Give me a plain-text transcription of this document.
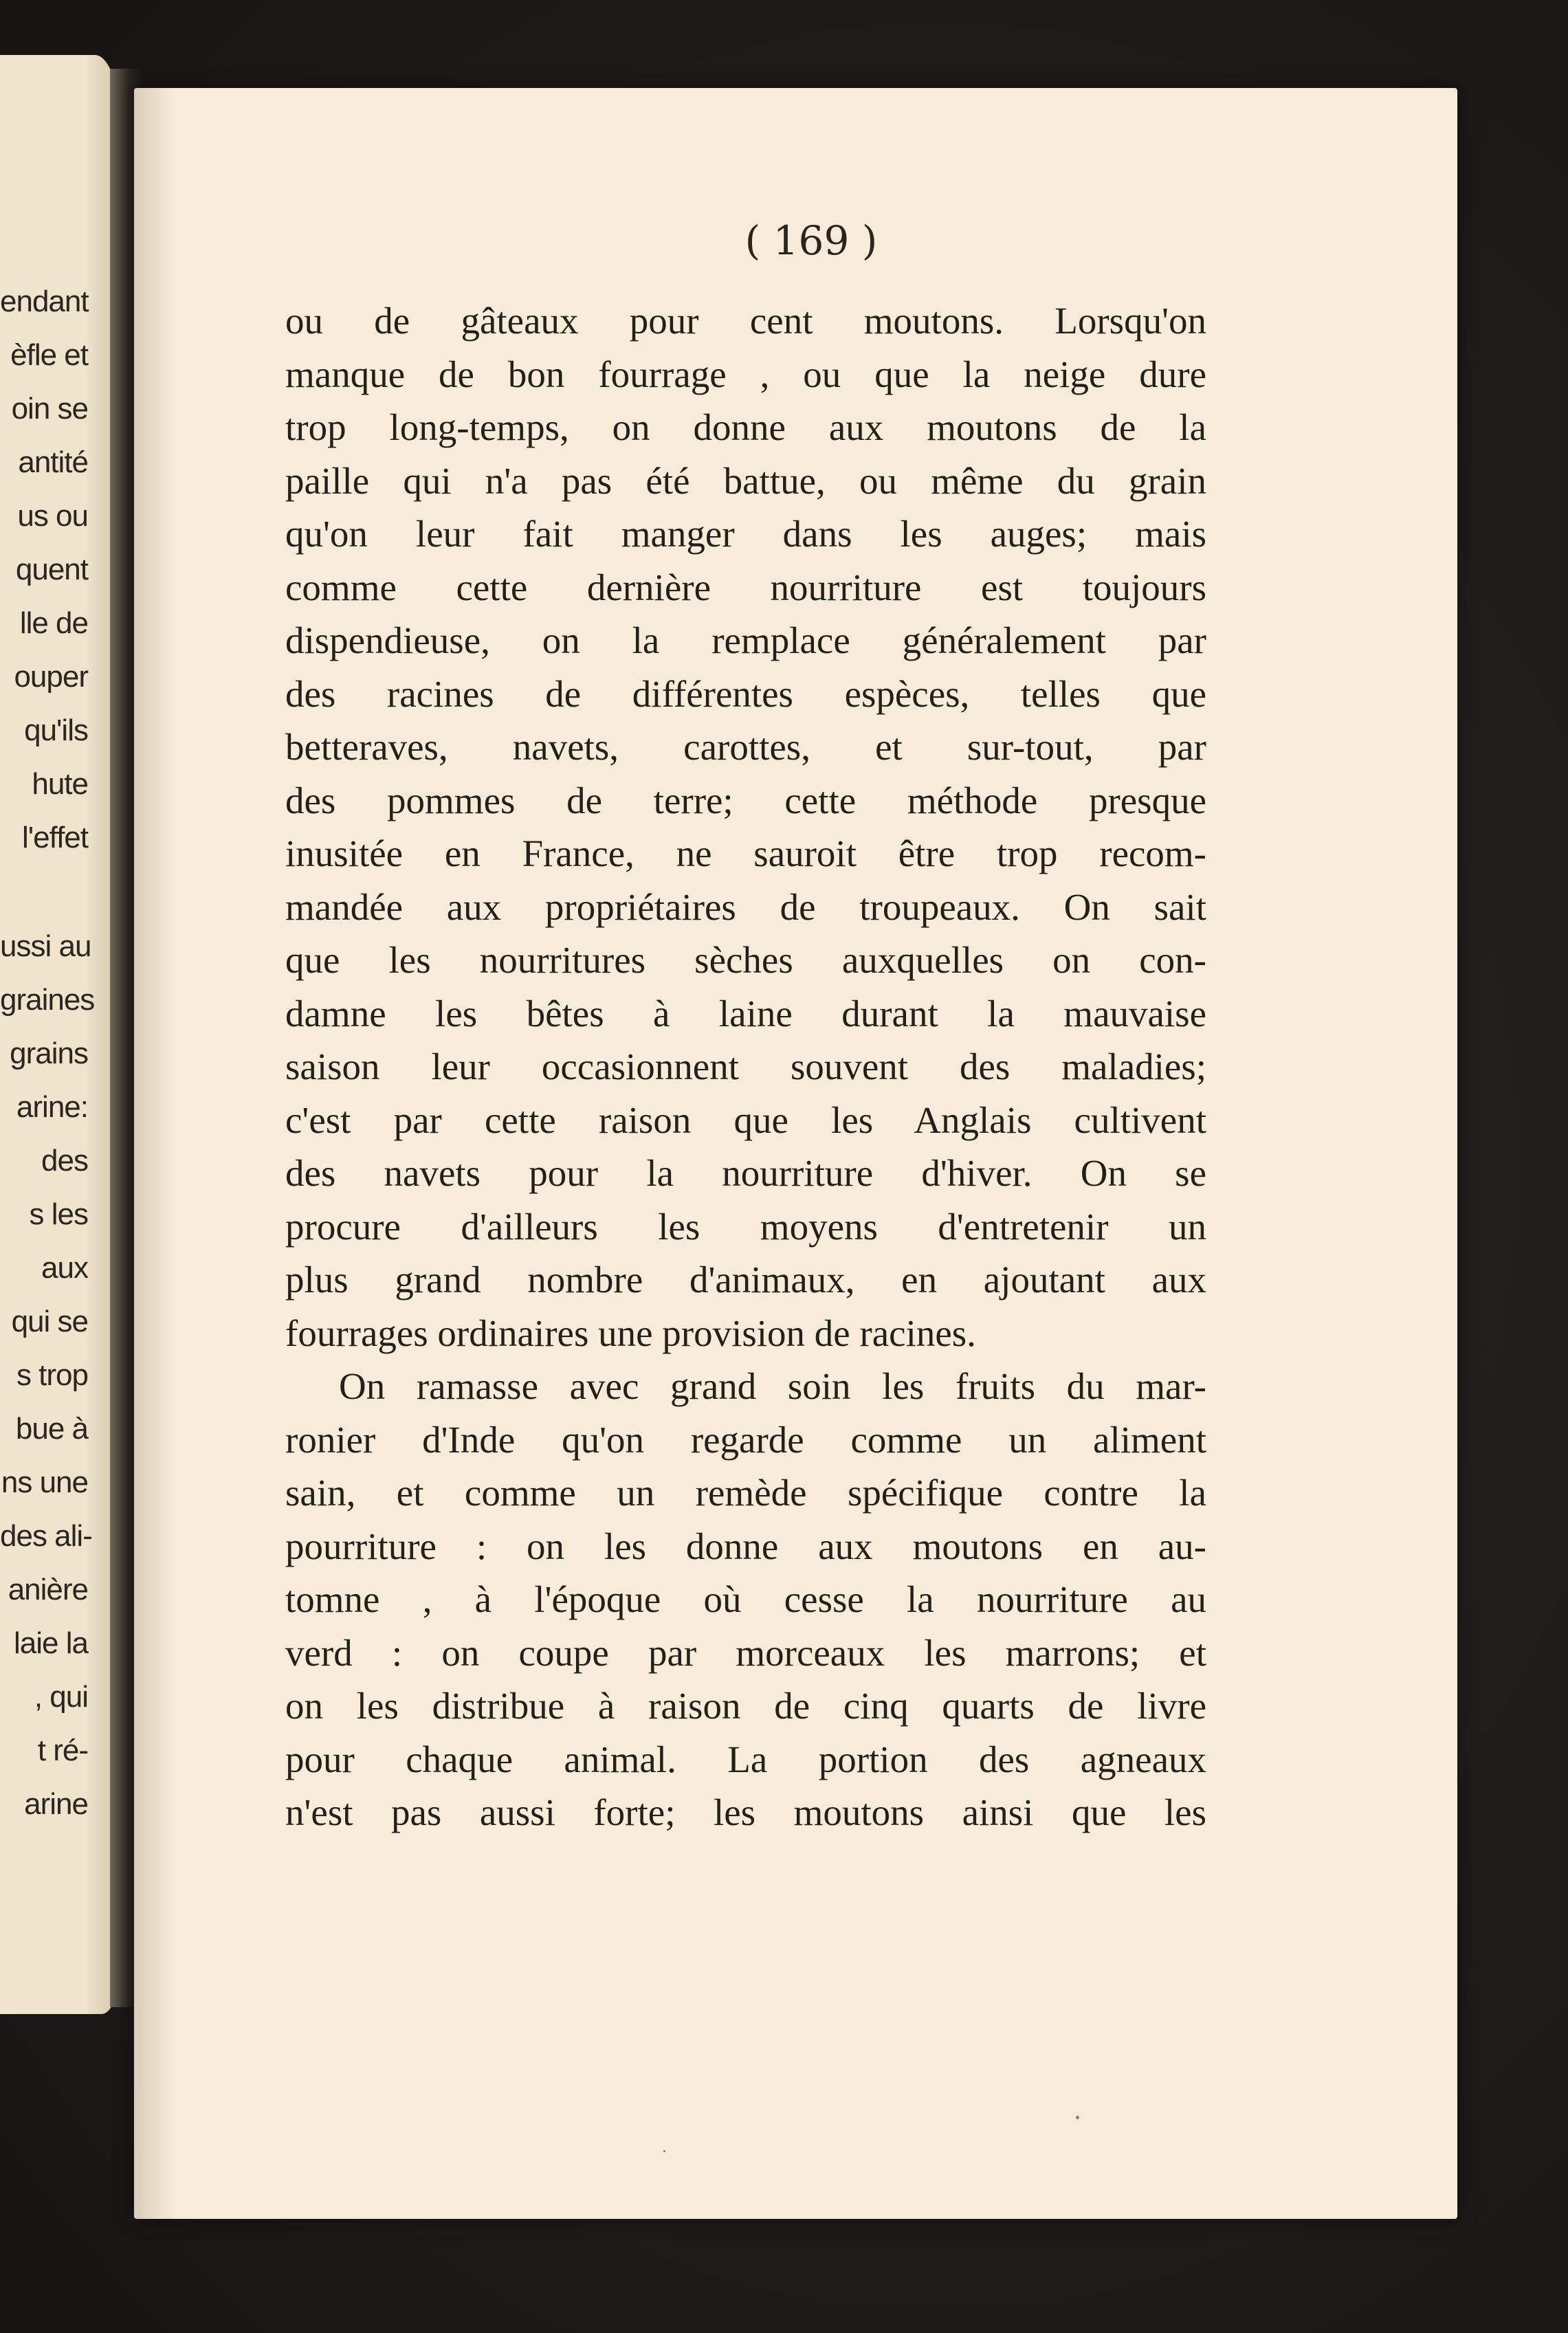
endant
èfle et
oin se
antité
us ou
quent
lle de
ouper
qu'ils
hute
l'effet
ussi au
graines
grains
arine:
des
s les
aux
qui se
s trop
bue à
ns une
des ali-
anière
laie la
, qui
t ré-
arine
( 169 )
ou de gâteaux pour cent moutons. Lorsqu'on
manque de bon fourrage , ou que la neige dure
trop long-temps, on donne aux moutons de la
paille qui n'a pas été battue, ou même du grain
qu'on leur fait manger dans les auges; mais
comme cette dernière nourriture est toujours
dispendieuse, on la remplace généralement par
des racines de différentes espèces, telles que
betteraves, navets, carottes, et sur-tout, par
des pommes de terre; cette méthode presque
inusitée en France, ne sauroit être trop recom-
mandée aux propriétaires de troupeaux. On sait
que les nourritures sèches auxquelles on con-
damne les bêtes à laine durant la mauvaise
saison leur occasionnent souvent des maladies;
c'est par cette raison que les Anglais cultivent
des navets pour la nourriture d'hiver. On se
procure d'ailleurs les moyens d'entretenir un
plus grand nombre d'animaux, en ajoutant aux
fourrages ordinaires une provision de racines.
On ramasse avec grand soin les fruits du mar-
ronier d'Inde qu'on regarde comme un aliment
sain, et comme un remède spécifique contre la
pourriture : on les donne aux moutons en au-
tomne , à l'époque où cesse la nourriture au
verd : on coupe par morceaux les marrons; et
on les distribue à raison de cinq quarts de livre
pour chaque animal. La portion des agneaux
n'est pas aussi forte; les moutons ainsi que les
